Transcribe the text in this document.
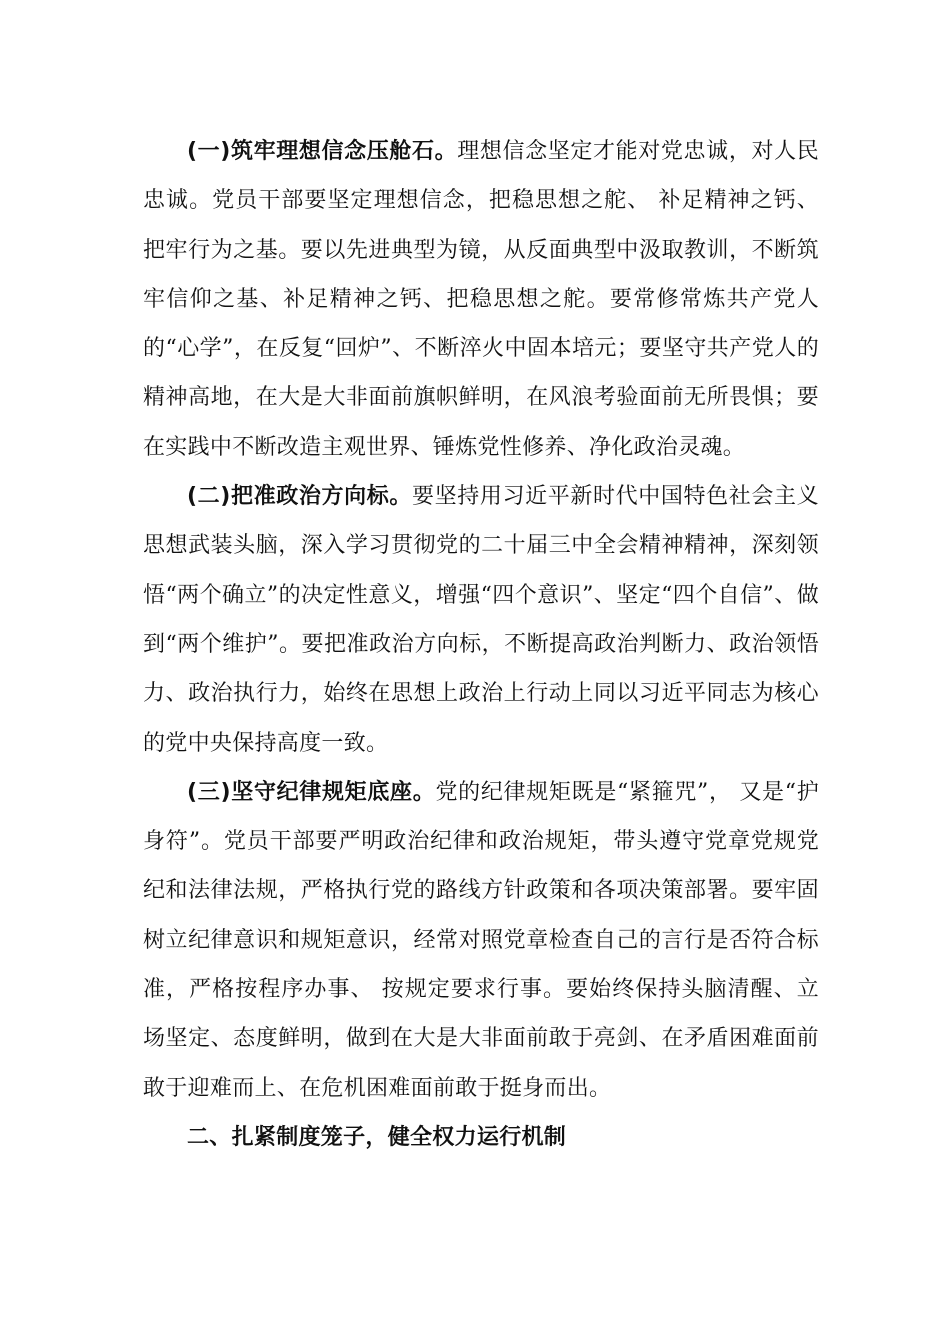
(一)筑牢理想信念压舱石。理想信念坚定才能对党忠诚，对人民忠诚。党员干部要坚定理想信念，把稳思想之舵、 补足精神之钙、把牢行为之基。要以先进典型为镜，从反面典型中汲取教训，不断筑牢信仰之基、补足精神之钙、把稳思想之舵。要常修常炼共产党人的“心学”，在反复“回炉”、不断淬火中固本培元；要坚守共产党人的精神高地，在大是大非面前旗帜鲜明，在风浪考验面前无所畏惧；要在实践中不断改造主观世界、锤炼党性修养、净化政治灵魂。

(二)把准政治方向标。要坚持用习近平新时代中国特色社会主义思想武装头脑，深入学习贯彻党的二十届三中全会精神精神，深刻领悟“两个确立”的决定性意义，增强“四个意识”、坚定“四个自信”、做到“两个维护”。要把准政治方向标，不断提高政治判断力、政治领悟力、政治执行力，始终在思想上政治上行动上同以习近平同志为核心的党中央保持高度一致。

(三)坚守纪律规矩底座。党的纪律规矩既是“紧箍咒”， 又是“护身符”。党员干部要严明政治纪律和政治规矩，带头遵守党章党规党纪和法律法规，严格执行党的路线方针政策和各项决策部署。要牢固树立纪律意识和规矩意识，经常对照党章检查自己的言行是否符合标准，严格按程序办事、 按规定要求行事。要始终保持头脑清醒、立场坚定、态度鲜明，做到在大是大非面前敢于亮剑、在矛盾困难面前敢于迎难而上、在危机困难面前敢于挺身而出。

二、扎紧制度笼子，健全权力运行机制
